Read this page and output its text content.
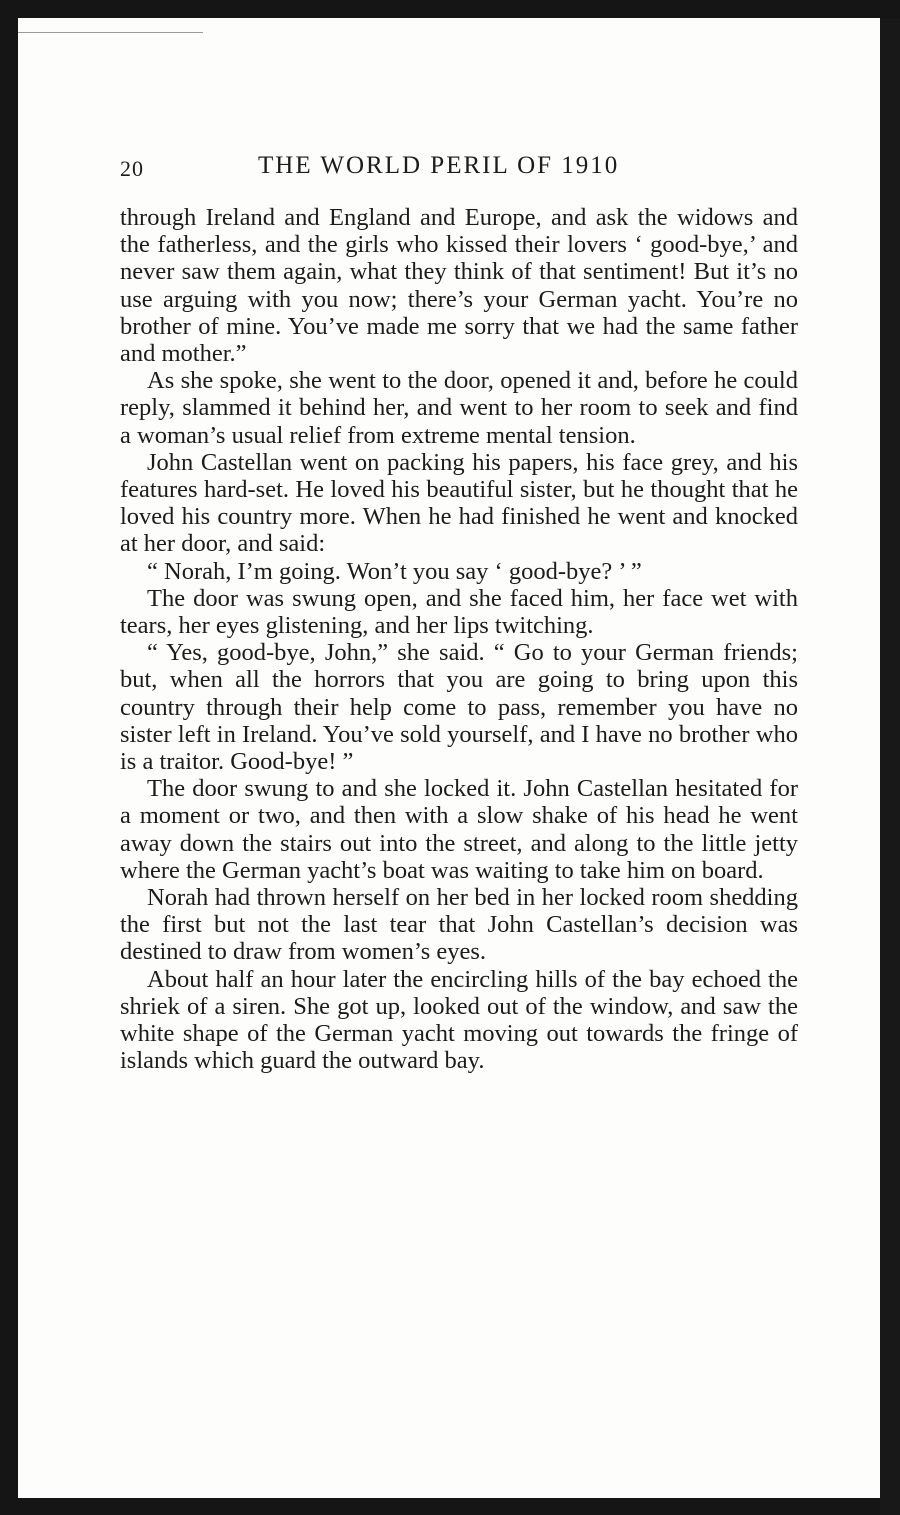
20	THE WORLD PERIL OF 1910

through Ireland and England and Europe, and ask the widows and the fatherless, and the girls who kissed their lovers ‘ good-bye,’ and never saw them again, what they think of that sentiment! But it’s no use arguing with you now; there’s your German yacht. You’re no brother of mine. You’ve made me sorry that we had the same father and mother.”

As she spoke, she went to the door, opened it and, before he could reply, slammed it behind her, and went to her room to seek and find a woman’s usual relief from extreme mental tension.

John Castellan went on packing his papers, his face grey, and his features hard-set. He loved his beautiful sister, but he thought that he loved his country more. When he had finished he went and knocked at her door, and said:

“ Norah, I’m going. Won’t you say ‘ good-bye? ’ ”

The door was swung open, and she faced him, her face wet with tears, her eyes glistening, and her lips twitching.

“ Yes, good-bye, John,” she said. “ Go to your German friends; but, when all the horrors that you are going to bring upon this country through their help come to pass, remember you have no sister left in Ireland. You’ve sold yourself, and I have no brother who is a traitor. Good-bye! ”

The door swung to and she locked it. John Castellan hesitated for a moment or two, and then with a slow shake of his head he went away down the stairs out into the street, and along to the little jetty where the German yacht’s boat was waiting to take him on board.

Norah had thrown herself on her bed in her locked room shedding the first but not the last tear that John Castellan’s decision was destined to draw from women’s eyes.

About half an hour later the encircling hills of the bay echoed the shriek of a siren. She got up, looked out of the window, and saw the white shape of the German yacht moving out towards the fringe of islands which guard the outward bay.
